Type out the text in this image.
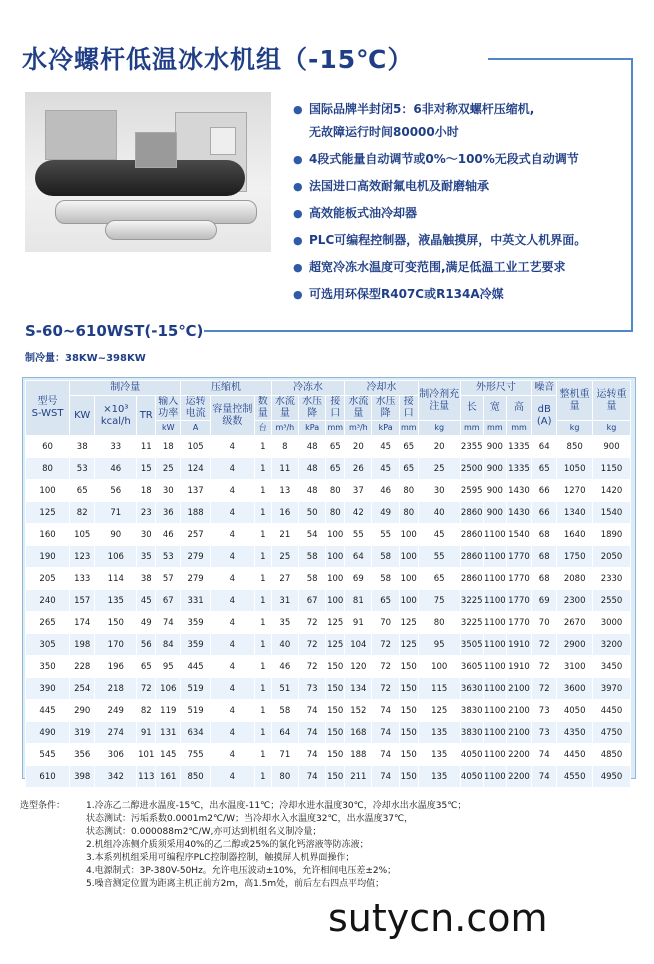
水冷螺杆低温冰水机组（-15℃）
● 国际品牌半封闭5：6非对称双螺杆压缩机,
无故障运行时间80000小时
● 4段式能量自动调节或0%～100%无段式自动调节
● 法国进口高效耐氟电机及耐磨轴承
● 高效能板式油冷却器
● PLC可编程控制器，液晶触摸屏，中英文人机界面。
● 超宽冷冻水温度可变范围,满足低温工业工艺要求
● 可选用环保型R407C或R134A冷媒
S-60~610WST(-15℃)
制冷量：38KW~398KW
型号
S-WST	制冷量				压缩机			冷冻水			冷却水			制冷剂充注量	外形尺寸			噪音	整机重量	运转重量
	KW	×10³ kcal/h	TR	输入功率	运转电流	容量控制级数	数量	水流量	水压降	接口	水流量	水压降	接口		长	宽	高	dB (A)		
				kW	A		台	m³/h	kPa	mm	m³/h	kPa	mm	kg	mm	mm	mm		kg	kg
60	38	33	11	18	105	4	1	8	48	65	20	45	65	20	2355	900	1335	64	850	900
80	53	46	15	25	124	4	1	11	48	65	26	45	65	25	2500	900	1335	65	1050	1150
100	65	56	18	30	137	4	1	13	48	80	37	46	80	30	2595	900	1430	66	1270	1420
125	82	71	23	36	188	4	1	16	50	80	42	49	80	40	2860	900	1430	66	1340	1540
160	105	90	30	46	257	4	1	21	54	100	55	55	100	45	2860	1100	1540	68	1640	1890
190	123	106	35	53	279	4	1	25	58	100	64	58	100	55	2860	1100	1770	68	1750	2050
205	133	114	38	57	279	4	1	27	58	100	69	58	100	65	2860	1100	1770	68	2080	2330
240	157	135	45	67	331	4	1	31	67	100	81	65	100	75	3225	1100	1770	69	2300	2550
265	174	150	49	74	359	4	1	35	72	125	91	70	125	80	3225	1100	1770	70	2670	3000
305	198	170	56	84	359	4	1	40	72	125	104	72	125	95	3505	1100	1910	72	2900	3200
350	228	196	65	95	445	4	1	46	72	150	120	72	150	100	3605	1100	1910	72	3100	3450
390	254	218	72	106	519	4	1	51	73	150	134	72	150	115	3630	1100	2100	72	3600	3970
445	290	249	82	119	519	4	1	58	74	150	152	74	150	125	3830	1100	2100	73	4050	4450
490	319	274	91	131	634	4	1	64	74	150	168	74	150	135	3830	1100	2100	73	4350	4750
545	356	306	101	145	755	4	1	71	74	150	188	74	150	135	4050	1100	2200	74	4450	4850
610	398	342	113	161	850	4	1	80	74	150	211	74	150	135	4050	1100	2200	74	4550	4950
选型条件： 1.冷冻乙二醇进水温度-15℃，出水温度-11℃；冷却水进水温度30℃，冷却水出水温度35℃；
状态测试：污垢系数0.0001m2℃/W；当冷却水入水温度32℃，出水温度37℃，
状态测试：0.000088m2℃/W,亦可达到机组名义制冷量；
2.机组冷冻侧介质须采用40%的乙二醇或25%的氯化钙溶液等防冻液；
3.本系列机组采用可编程序PLC控制器控制，触摸屏人机界面操作；
4.电源制式：3P-380V-50Hz。允许电压波动±10%，允许相间电压差±2%；
5.噪音测定位置为距离主机正前方2m，高1.5m处，前后左右四点平均值；
sutycn.com
